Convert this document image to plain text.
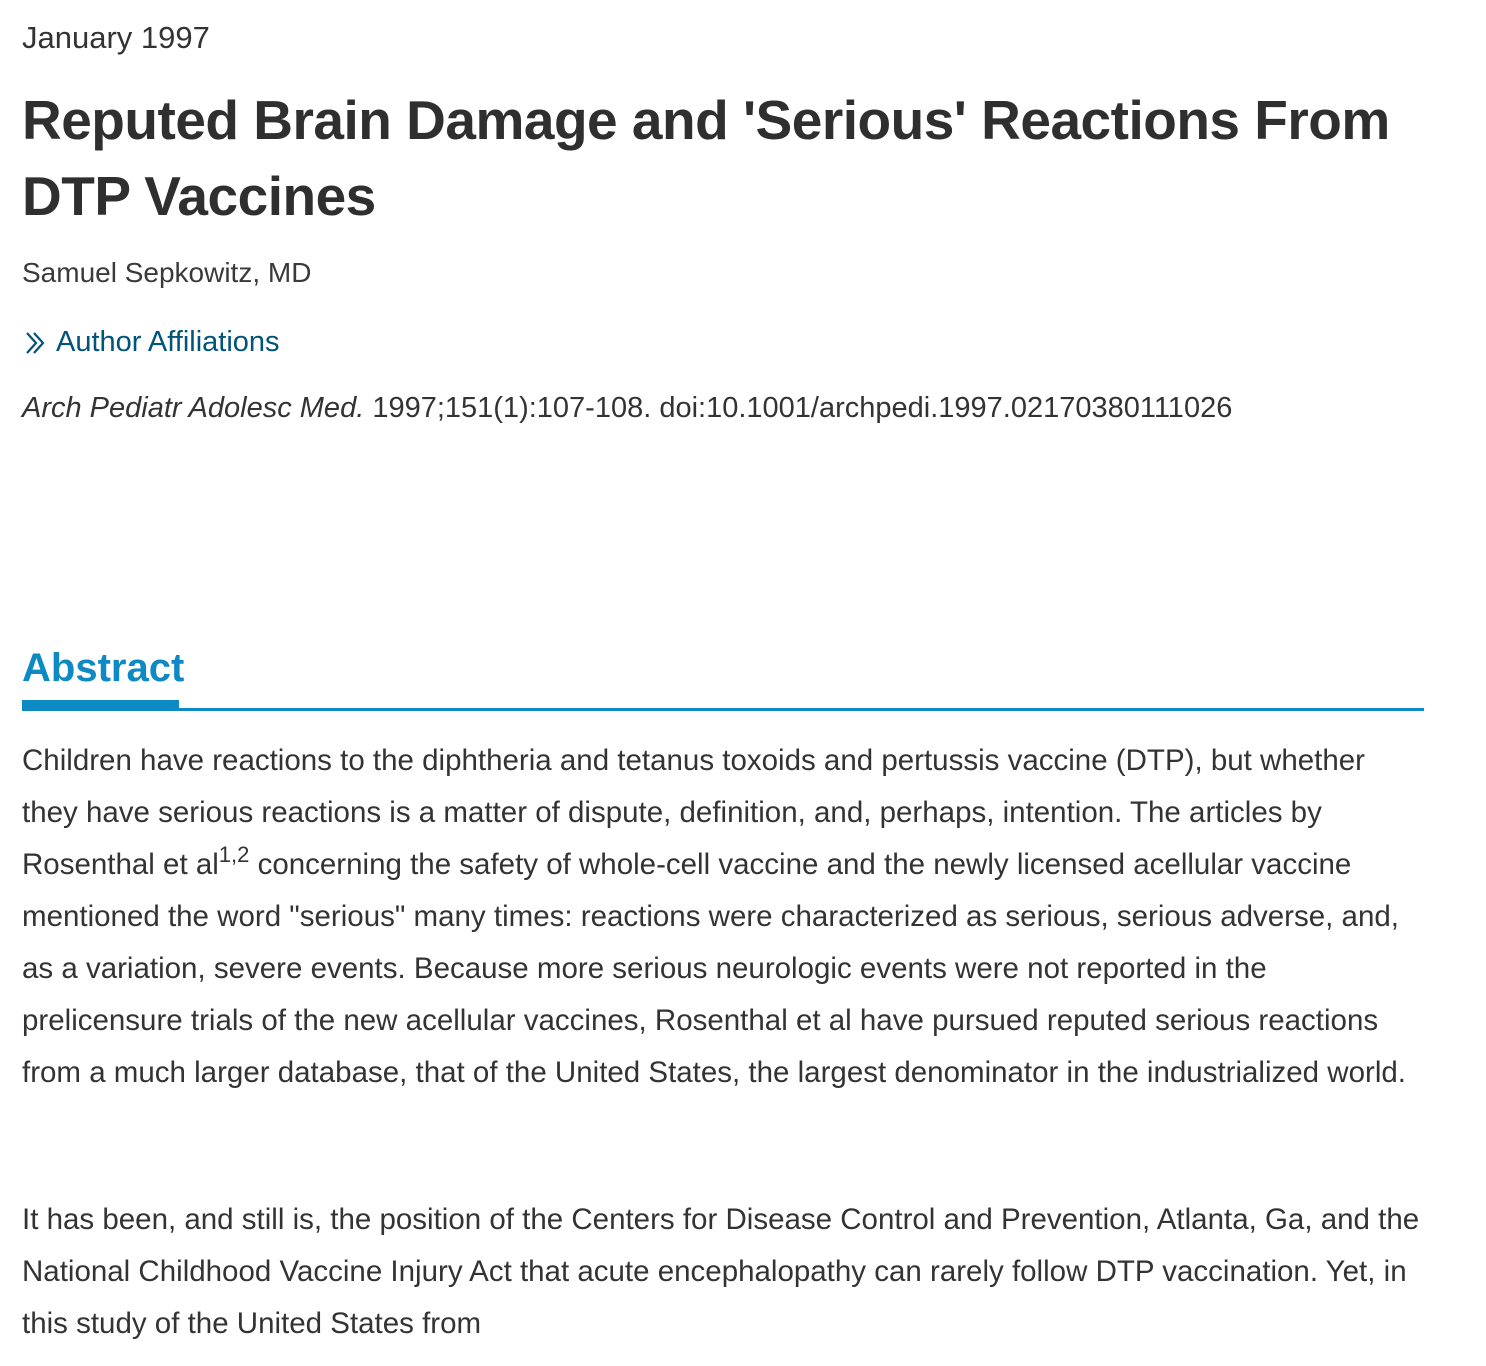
January 1997
Reputed Brain Damage and 'Serious' Reactions From DTP Vaccines
Samuel Sepkowitz, MD
Author Affiliations
Arch Pediatr Adolesc Med. 1997;151(1):107-108. doi:10.1001/archpedi.1997.02170380111026
Abstract

Children have reactions to the diphtheria and tetanus toxoids and pertussis vaccine (DTP), but whether they have serious reactions is a matter of dispute, definition, and, perhaps, intention. The articles by Rosenthal et al$^{1,2}$ concerning the safety of whole-cell vaccine and the newly licensed acellular vaccine mentioned the word "serious" many times: reactions were characterized as serious, serious adverse, and, as a variation, severe events. Because more serious neurologic events were not reported in the prelicensure trials of the new acellular vaccines, Rosenthal et al have pursued reputed serious reactions from a much larger database, that of the United States, the largest denominator in the industrialized world.

It has been, and still is, the position of the Centers for Disease Control and Prevention, Atlanta, Ga, and the National Childhood Vaccine Injury Act that acute encephalopathy can rarely follow DTP vaccination. Yet, in this study of the United States from
